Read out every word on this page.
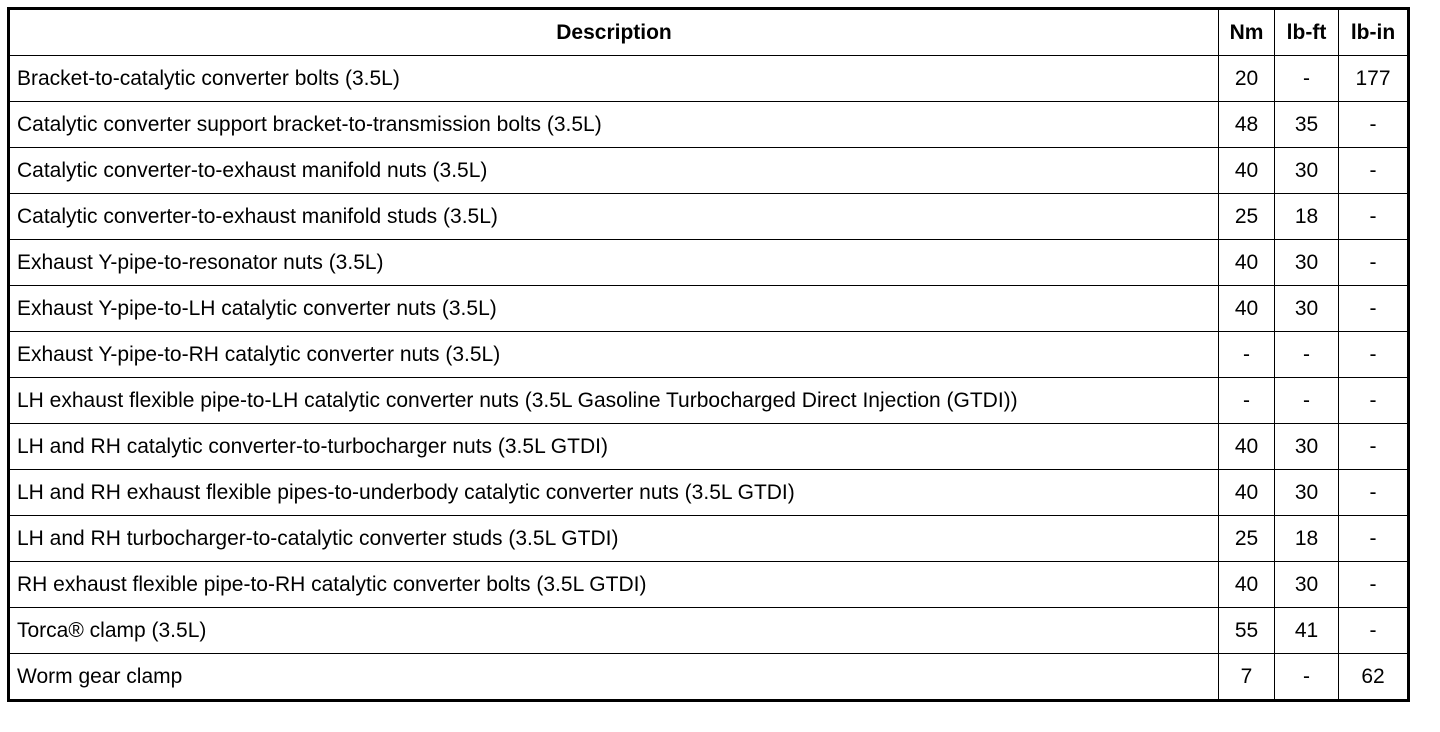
Description	Nm	lb-ft	lb-in
Bracket-to-catalytic converter bolts (3.5L)	20	-	177
Catalytic converter support bracket-to-transmission bolts (3.5L)	48	35	-
Catalytic converter-to-exhaust manifold nuts (3.5L)	40	30	-
Catalytic converter-to-exhaust manifold studs (3.5L)	25	18	-
Exhaust Y-pipe-to-resonator nuts (3.5L)	40	30	-
Exhaust Y-pipe-to-LH catalytic converter nuts (3.5L)	40	30	-
Exhaust Y-pipe-to-RH catalytic converter nuts (3.5L)	-	-	-
LH exhaust flexible pipe-to-LH catalytic converter nuts (3.5L Gasoline Turbocharged Direct Injection (GTDI))	-	-	-
LH and RH catalytic converter-to-turbocharger nuts (3.5L GTDI)	40	30	-
LH and RH exhaust flexible pipes-to-underbody catalytic converter nuts (3.5L GTDI)	40	30	-
LH and RH turbocharger-to-catalytic converter studs (3.5L GTDI)	25	18	-
RH exhaust flexible pipe-to-RH catalytic converter bolts (3.5L GTDI)	40	30	-
Torca® clamp (3.5L)	55	41	-
Worm gear clamp	7	-	62
